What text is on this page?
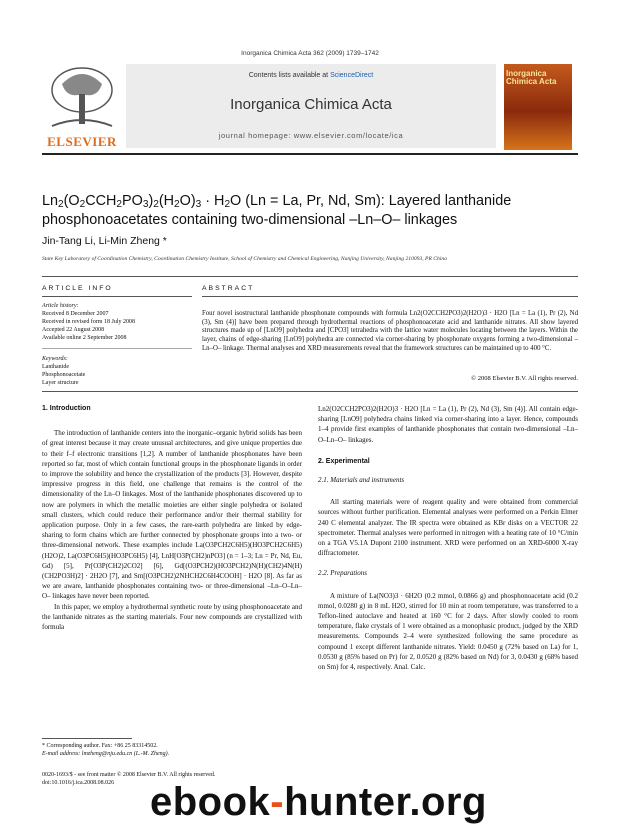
Inorganica Chimica Acta 362 (2009) 1739–1742
ELSEVIER
Contents lists available at ScienceDirect
Inorganica Chimica Acta
journal homepage: www.elsevier.com/locate/ica
Inorganica Chimica Acta
$Ln_2(O_2CCH_2PO_3)_2(H_2O)_3 \cdot H_2O$ (Ln = La, Pr, Nd, Sm): Layered lanthanide phosphonoacetates containing two-dimensional –Ln–O– linkages
Jin-Tang Li, Li-Min Zheng *
State Key Laboratory of Coordination Chemistry, Coordination Chemistry Institute, School of Chemistry and Chemical Engineering, Nanjing University, Nanjing 210093, PR China
ARTICLE INFO	ABSTRACT
Article history:
Received 8 December 2007
Received in revised form 18 July 2008
Accepted 22 August 2008
Available online 2 September 2008
Keywords:
Lanthanide
Phosphonoacetate
Layer structure
Four novel isostructural lanthanide phosphonate compounds with formula Ln2(O2CCH2PO3)2(H2O)3 · H2O [Ln = La (1), Pr (2), Nd (3), Sm (4)] have been prepared through hydrothermal reactions of phosphonoacetate acid and lanthanide nitrates. All show layered structures made up of [LnO9] polyhedra and [CPO3] tetrahedra with the lattice water molecules locating between the layers. Within the layer, chains of edge-sharing [LnO9] polyhedra are connected via corner-sharing by phosphonate oxygens forming a two-dimensional –Ln–O– linkage. Thermal analyses and XRD measurements reveal that the framework structures can be maintained up to 400 °C.
© 2008 Elsevier B.V. All rights reserved.

1. Introduction

The introduction of lanthanide centers into the inorganic–organic hybrid solids has been of great interest because it may create unusual architectures, and give unique properties due to their f–f electronic transitions [1,2]. A number of lanthanide phosphonates have been reported so far, most of which contain functional groups in the phosphonate ligands in order to improve the solubility and hence the crystallization of the products [3]. However, despite impressive progress in this field, one challenge that remains is the control of the dimensionality of the Ln–O linkages. Most of the lanthanide phosphonates discovered up to now are polymers in which the metallic moieties are either single polyhedra or isolated small clusters, which could reduce their performance and/or their thermal stability for application purpose. Only in a few cases, the rare-earth polyhedra are linked by edge-sharing to form chains which are further connected by phosphonate groups into a two- or three-dimensional network. These examples include La(O3PCH2C6H5)(HO3PCH2C6H5)(H2O)2, La(O3PC6H5)(HO3PC6H5) [4], LnH[O3P(CH2)nPO3] (n = 1–3; Ln = Pr, Nd, Eu, Gd) [5], Pr[O3P(CH2)2CO2] [6], Gd[(O3PCH2)(HO3PCH2)N(H)(CH2)4N(H)(CH2PO3H)2] · 2H2O [7], and Sm[(O3PCH2)2NHCH2C6H4COOH] · H2O [8]. As far as we are aware, lanthanide phosphonates containing two- or three-dimensional –Ln–O–Ln–O– linkages have never been reported.

In this paper, we employ a hydrothermal synthetic route by using phosphonoacetate and the lanthanide nitrates as the starting materials. Four new compounds are crystallized with formula

Ln2(O2CCH2PO3)2(H2O)3 · H2O [Ln = La (1), Pr (2), Nd (3), Sm (4)]. All contain edge-sharing [LnO9] polyhedra chains linked via corner-sharing into a layer. Hence, compounds 1–4 provide first examples of lanthanide phosphonates that contain two-dimensional –Ln–O–Ln–O– linkages.

2. Experimental

2.1. Materials and instruments

All starting materials were of reagent quality and were obtained from commercial sources without further purification. Elemental analyses were performed on a Perkin Elmer 240 C elemental analyzer. The IR spectra were obtained as KBr disks on a VECTOR 22 spectrometer. Thermal analyses were performed in nitrogen with a heating rate of 10 °C/min on a TGA V5.1A Dupont 2100 instrument. XRD were performed on an XRD-6000 X-ray diffractometer.

2.2. Preparations

A mixture of La(NO3)3 · 6H2O (0.2 mmol, 0.0866 g) and phosphonoacetate acid (0.2 mmol, 0.0280 g) in 8 mL H2O, stirred for 10 min at room temperature, was transferred to a Teflon-lined autoclave and heated at 160 °C for 2 days. After slowly cooled to room temperature, flake crystals of 1 were obtained as a monophasic product, judged by the XRD measurements. Compounds 2–4 were synthesized following the same procedure as compound 1 except different lanthanide nitrates. Yield: 0.0450 g (72% based on La) for 1, 0.0530 g (85% based on Pr) for 2, 0.0520 g (82% based on Nd) for 3, 0.0430 g (68% based on Sm) for 4, respectively. Anal. Calc.

* Corresponding author. Fax: +86 25 83314502.
E-mail address: lmzheng@nju.edu.cn (L.-M. Zheng).
0020-1693/$ - see front matter © 2008 Elsevier B.V. All rights reserved.
doi:10.1016/j.ica.2008.08.026 ebook-hunter.org
